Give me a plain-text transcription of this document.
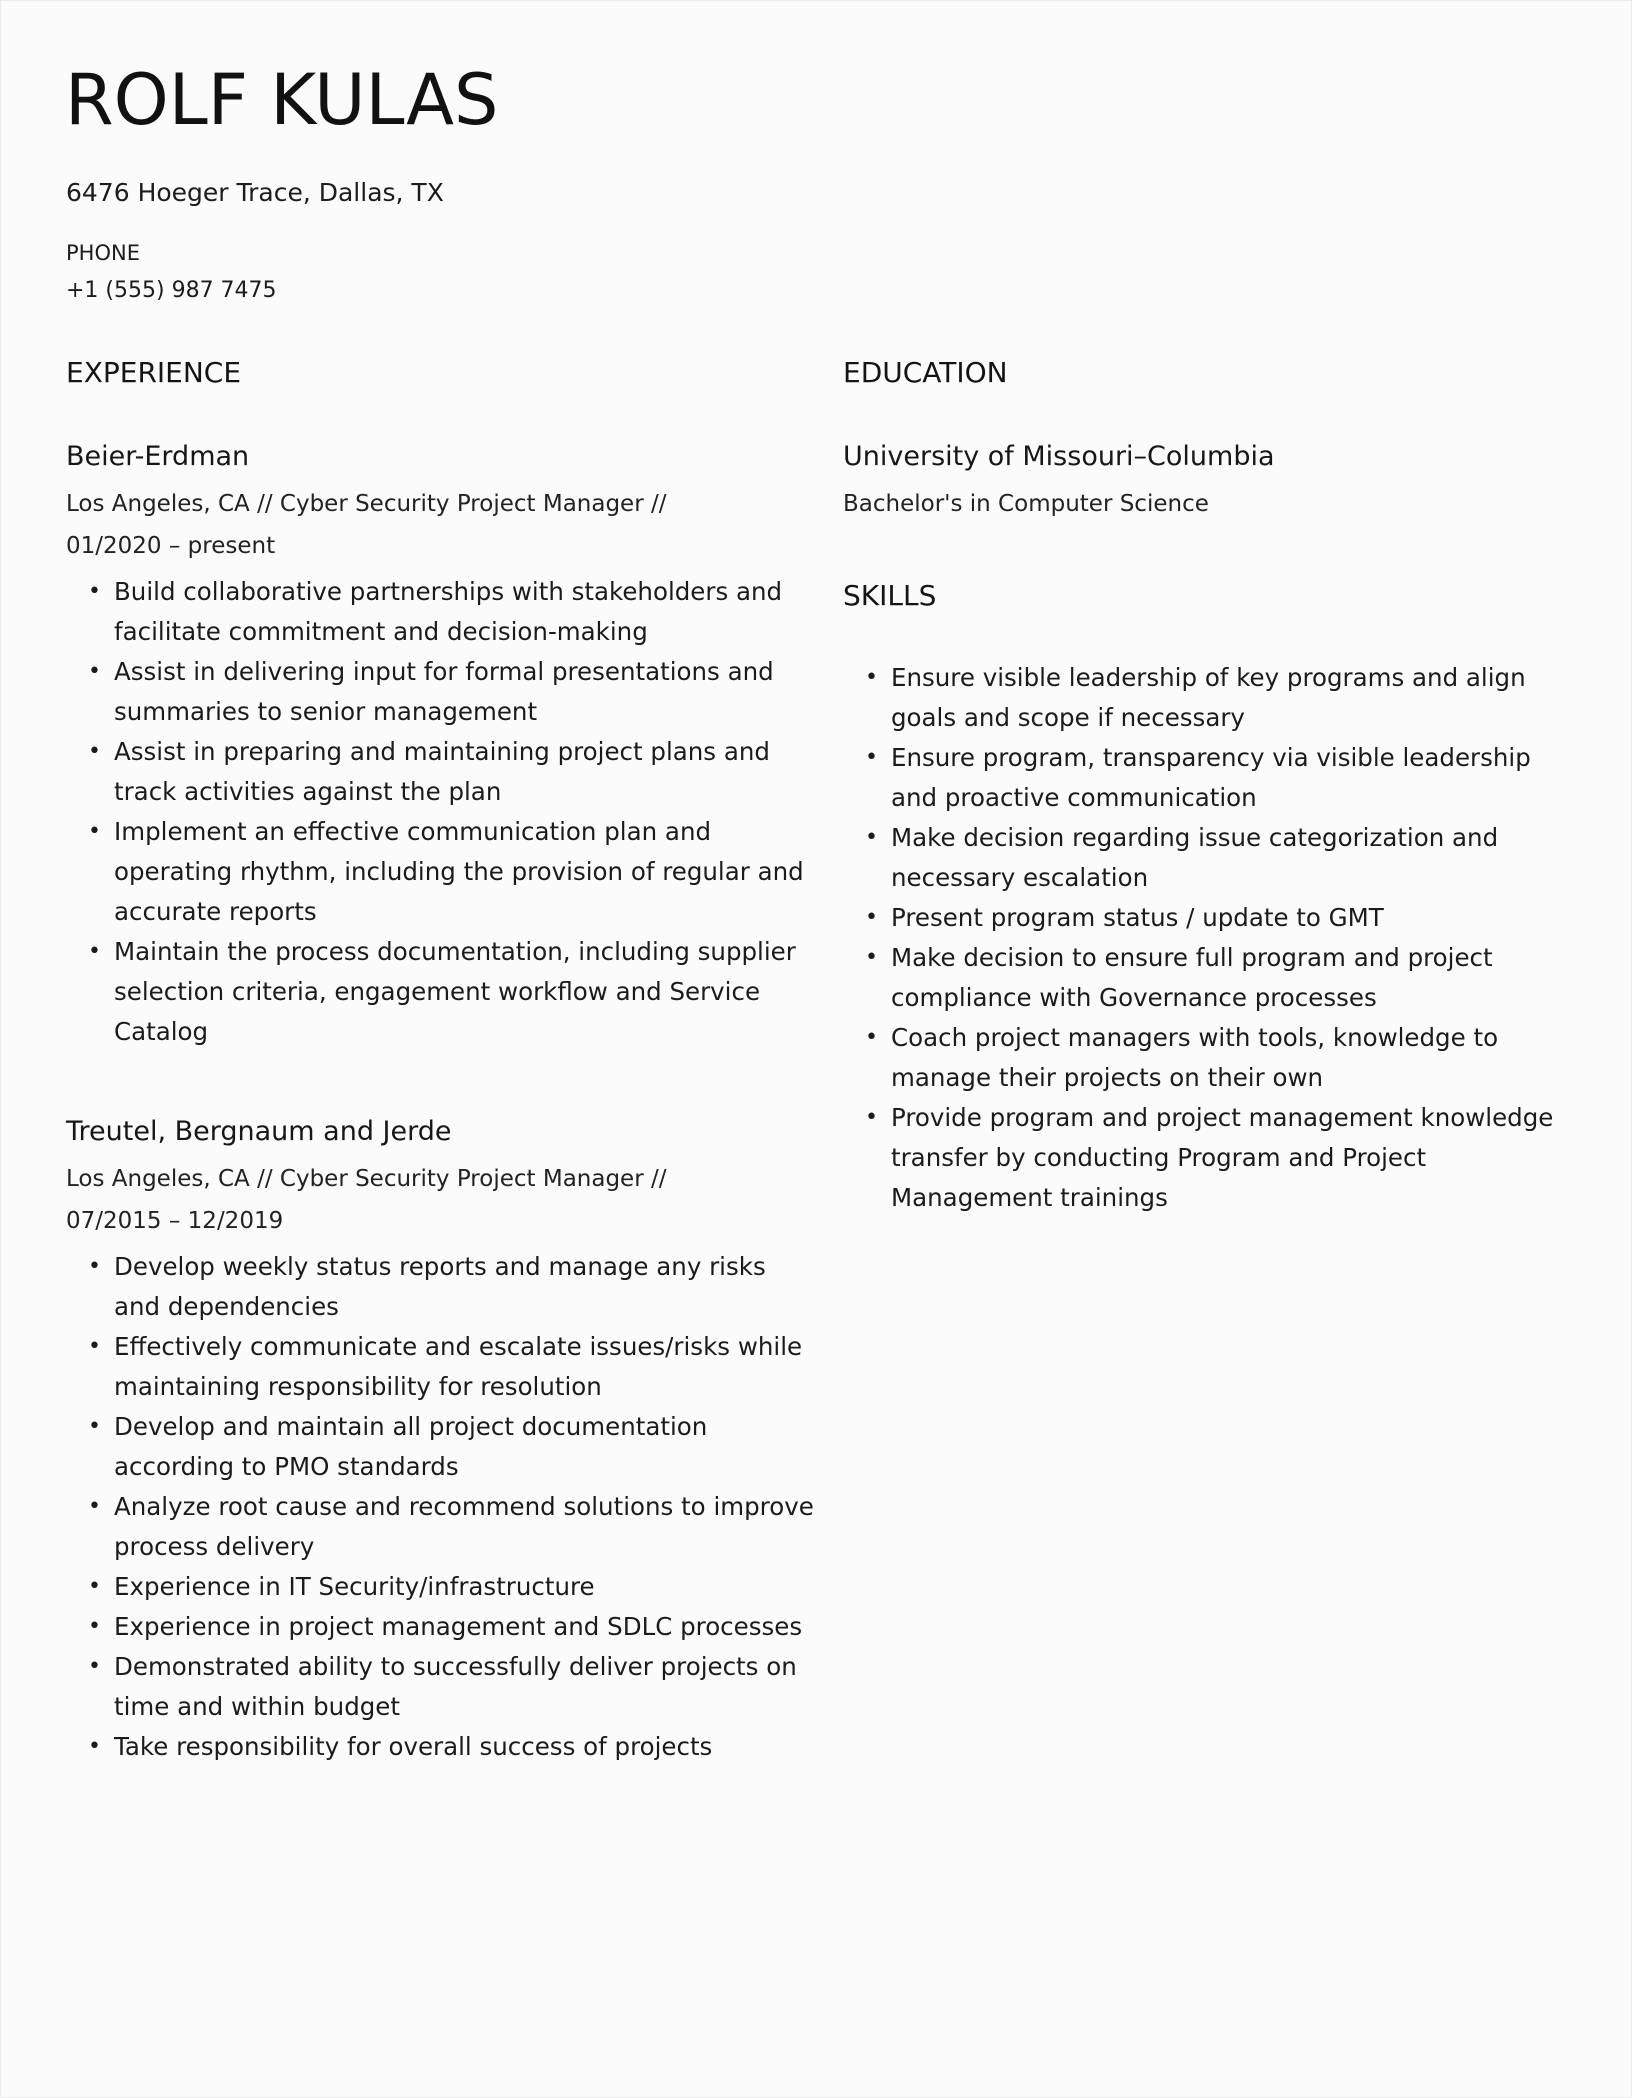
ROLF KULAS
6476 Hoeger Trace, Dallas, TX
PHONE
+1 (555) 987 7475
EXPERIENCE
Beier-Erdman
Los Angeles, CA // Cyber Security Project Manager // 01/2020 – present
• Build collaborative partnerships with stakeholders and facilitate commitment and decision-making
• Assist in delivering input for formal presentations and summaries to senior management
• Assist in preparing and maintaining project plans and track activities against the plan
• Implement an effective communication plan and operating rhythm, including the provision of regular and accurate reports
• Maintain the process documentation, including supplier selection criteria, engagement workflow and Service Catalog
Treutel, Bergnaum and Jerde
Los Angeles, CA // Cyber Security Project Manager // 07/2015 – 12/2019
• Develop weekly status reports and manage any risks and dependencies
• Effectively communicate and escalate issues/risks while maintaining responsibility for resolution
• Develop and maintain all project documentation according to PMO standards
• Analyze root cause and recommend solutions to improve process delivery
• Experience in IT Security/infrastructure
• Experience in project management and SDLC processes
• Demonstrated ability to successfully deliver projects on time and within budget
• Take responsibility for overall success of projects
EDUCATION
University of Missouri–Columbia
Bachelor's in Computer Science
SKILLS
• Ensure visible leadership of key programs and align goals and scope if necessary
• Ensure program, transparency via visible leadership and proactive communication
• Make decision regarding issue categorization and necessary escalation
• Present program status / update to GMT
• Make decision to ensure full program and project compliance with Governance processes
• Coach project managers with tools, knowledge to manage their projects on their own
• Provide program and project management knowledge transfer by conducting Program and Project Management trainings
